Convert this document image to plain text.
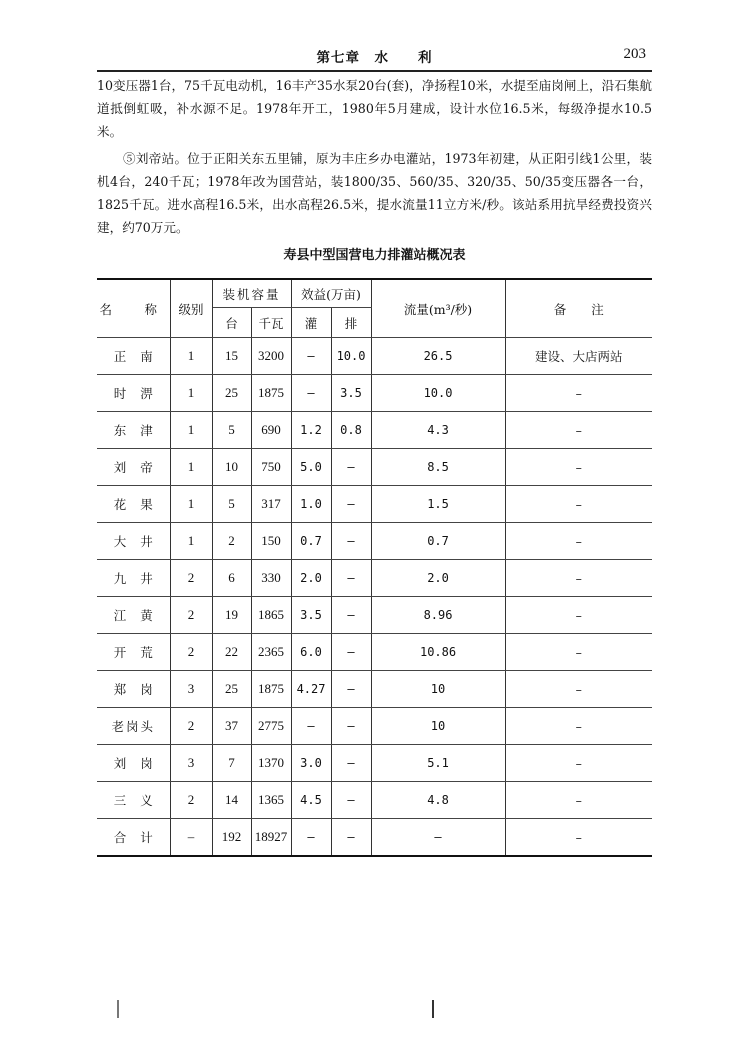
第七章　水　　利	203
10变压器1台，75千瓦电动机，16丰产35水泵20台(套)，净扬程10米，水提至庙岗闸上，沿石集航道抵倒虹吸，补水源不足。1978年开工，1980年5月建成，设计水位16.5米，每级净提水10.5米。
⑤刘帝站。位于正阳关东五里铺，原为丰庄乡办电灌站，1973年初建，从正阳引线1公里，装机4台，240千瓦；1978年改为国营站，装1800/35、560/35、320/35、50/35变压器各一台，1825千瓦。进水高程16.5米，出水高程26.5米，提水流量11立方米/秒。该站系用抗旱经费投资兴建，约70万元。
寿县中型国营电力排灌站概况表
名　称	级别	装机容量		效益(万亩)		流量(m³/秒)	备　　注
		台	千瓦	灌	排		
正南	1	15	3200	–	10.0	26.5	建设、大店两站
时淠	1	25	1875	–	3.5	10.0	–
东津	1	5	690	1.2	0.8	4.3	–
刘帝	1	10	750	5.0	–	8.5	–
花果	1	5	317	1.0	–	1.5	–
大井	1	2	150	0.7	–	0.7	–
九井	2	6	330	2.0	–	2.0	–
江黄	2	19	1865	3.5	–	8.96	–
开荒	2	22	2365	6.0	–	10.86	–
郑岗	3	25	1875	4.27	–	10	–
老岗头	2	37	2775	–	–	10	–
刘岗	3	7	1370	3.0	–	5.1	–
三义	2	14	1365	4.5	–	4.8	–
合计	–	192	18927	–	–	–	–
